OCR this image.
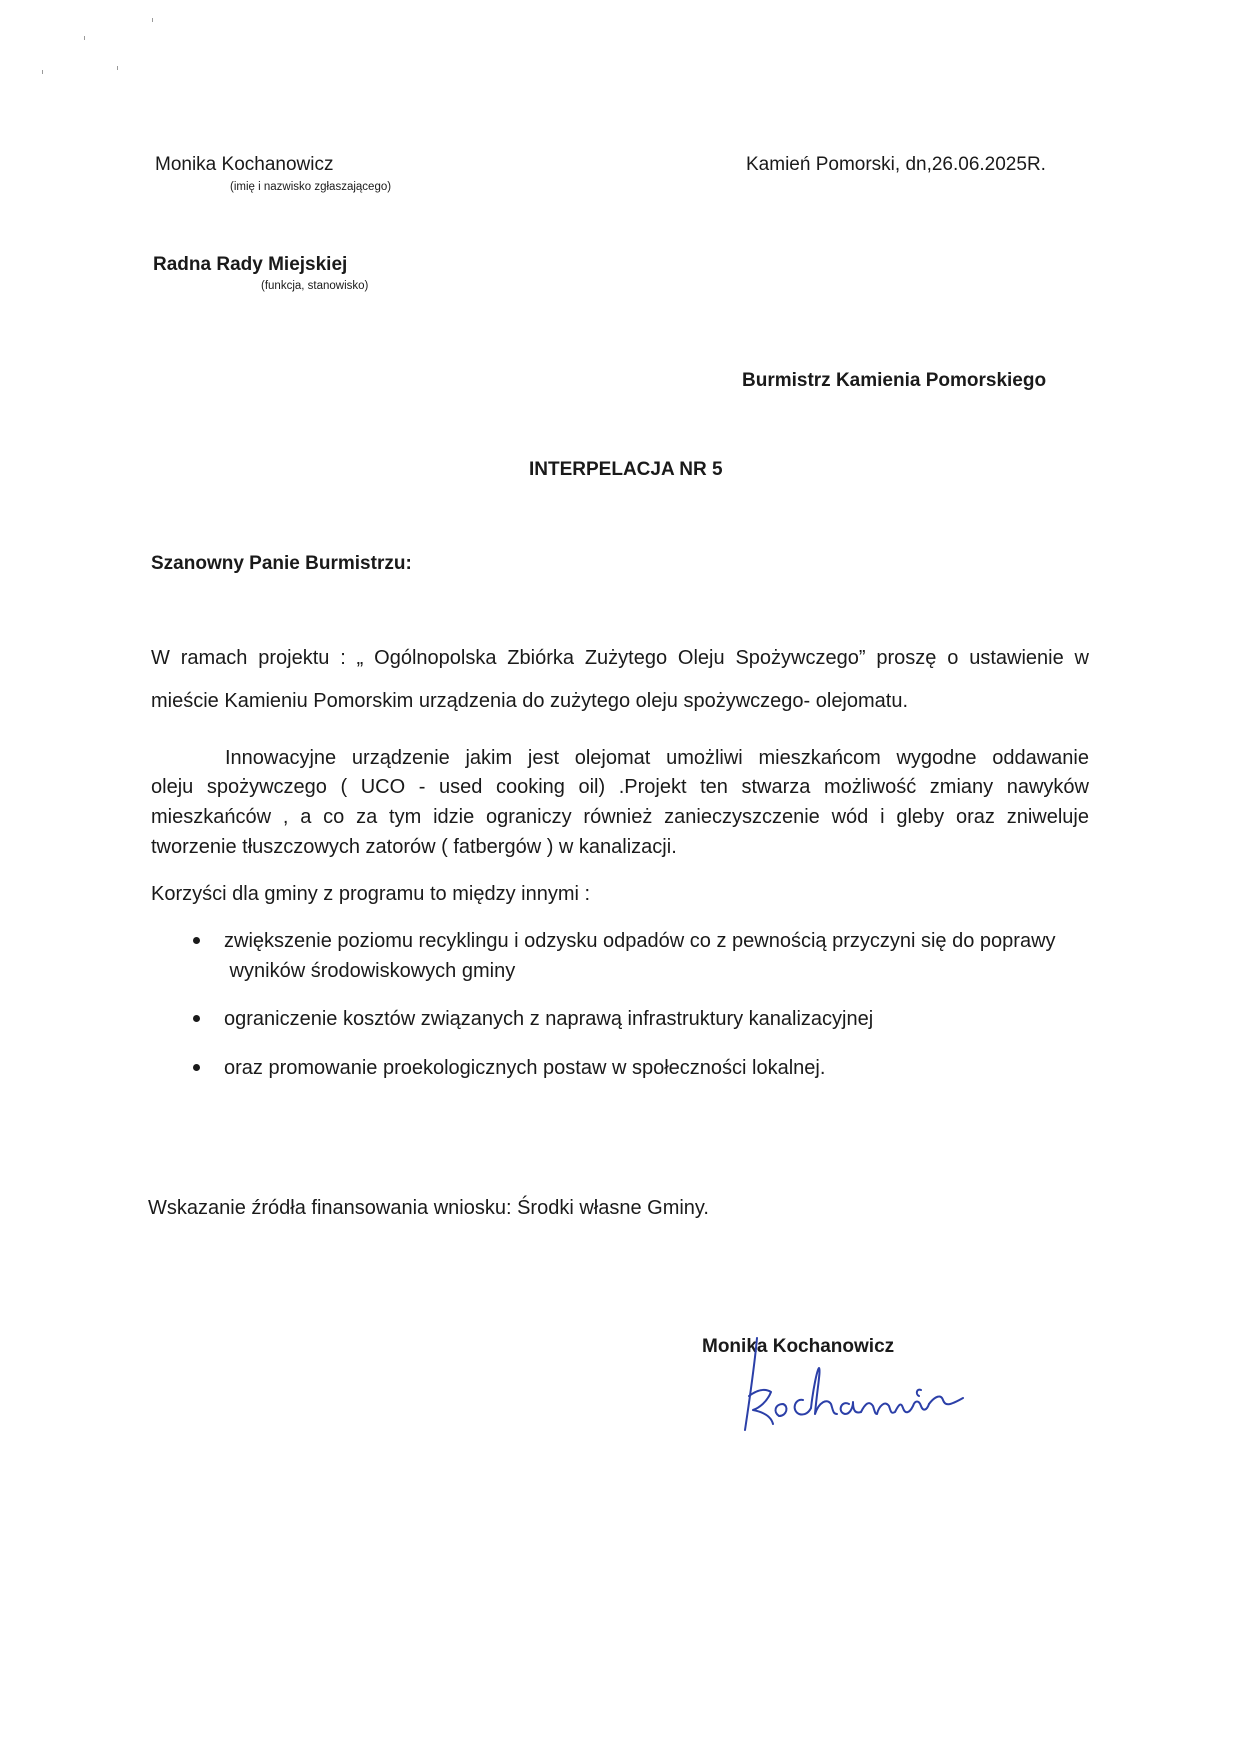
Monika Kochanowicz
(imię i nazwisko zgłaszającego)
Kamień Pomorski, dn,26.06.2025R.
Radna Rady Miejskiej
(funkcja, stanowisko)
Burmistrz Kamienia Pomorskiego
INTERPELACJA NR 5
Szanowny Panie Burmistrzu:
W ramach projektu : „ Ogólnopolska Zbiórka Zużytego Oleju Spożywczego” proszę o ustawienie w
mieście Kamieniu Pomorskim urządzenia do zużytego oleju spożywczego- olejomatu.
Innowacyjne urządzenie jakim jest olejomat umożliwi mieszkańcom wygodne oddawanie
oleju spożywczego ( UCO - used cooking oil) .Projekt ten stwarza możliwość zmiany nawyków
mieszkańców , a co za tym idzie ograniczy również zanieczyszczenie wód i gleby oraz zniweluje
tworzenie tłuszczowych zatorów ( fatbergów ) w kanalizacji.
Korzyści dla gminy z programu to między innymi :
zwiększenie poziomu recyklingu i odzysku odpadów co z pewnością przyczyni się do poprawy
wyników środowiskowych gminy
ograniczenie kosztów związanych z naprawą infrastruktury kanalizacyjnej
oraz promowanie proekologicznych postaw w społeczności lokalnej.
Wskazanie źródła finansowania wniosku: Środki własne Gminy.
Monika Kochanowicz
